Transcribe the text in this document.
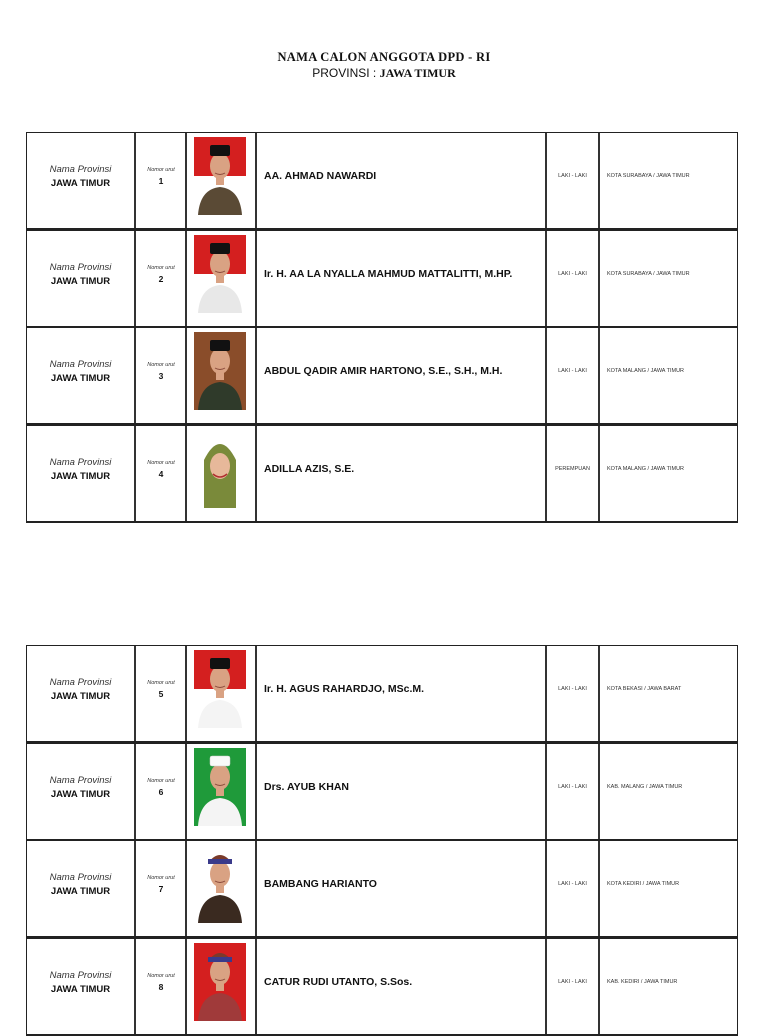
NAMA CALON ANGGOTA DPD - RI
PROVINSI : JAWA TIMUR
Nama Provinsi
JAWA TIMUR
Nomor urut
1	AA. AHMAD NAWARDI	LAKI - LAKI	KOTA SURABAYA / JAWA TIMUR
Nama Provinsi
JAWA TIMUR
Nomor urut
2	Ir. H. AA LA NYALLA MAHMUD MATTALITTI, M.HP.	LAKI - LAKI	KOTA SURABAYA / JAWA TIMUR
Nama Provinsi
JAWA TIMUR
Nomor urut
3	ABDUL QADIR AMIR HARTONO, S.E., S.H., M.H.	LAKI - LAKI	KOTA MALANG / JAWA TIMUR
Nama Provinsi
JAWA TIMUR
Nomor urut
4	ADILLA AZIS, S.E.	PEREMPUAN	KOTA MALANG / JAWA TIMUR
Nama Provinsi
JAWA TIMUR
Nomor urut
5	Ir. H. AGUS RAHARDJO, MSc.M.	LAKI - LAKI	KOTA BEKASI / JAWA BARAT
Nama Provinsi
JAWA TIMUR
Nomor urut
6	Drs. AYUB KHAN	LAKI - LAKI	KAB. MALANG / JAWA TIMUR
Nama Provinsi
JAWA TIMUR
Nomor urut
7	BAMBANG HARIANTO	LAKI - LAKI	KOTA KEDIRI / JAWA TIMUR
Nama Provinsi
JAWA TIMUR
Nomor urut
8	CATUR RUDI UTANTO, S.Sos.	LAKI - LAKI	KAB. KEDIRI / JAWA TIMUR
